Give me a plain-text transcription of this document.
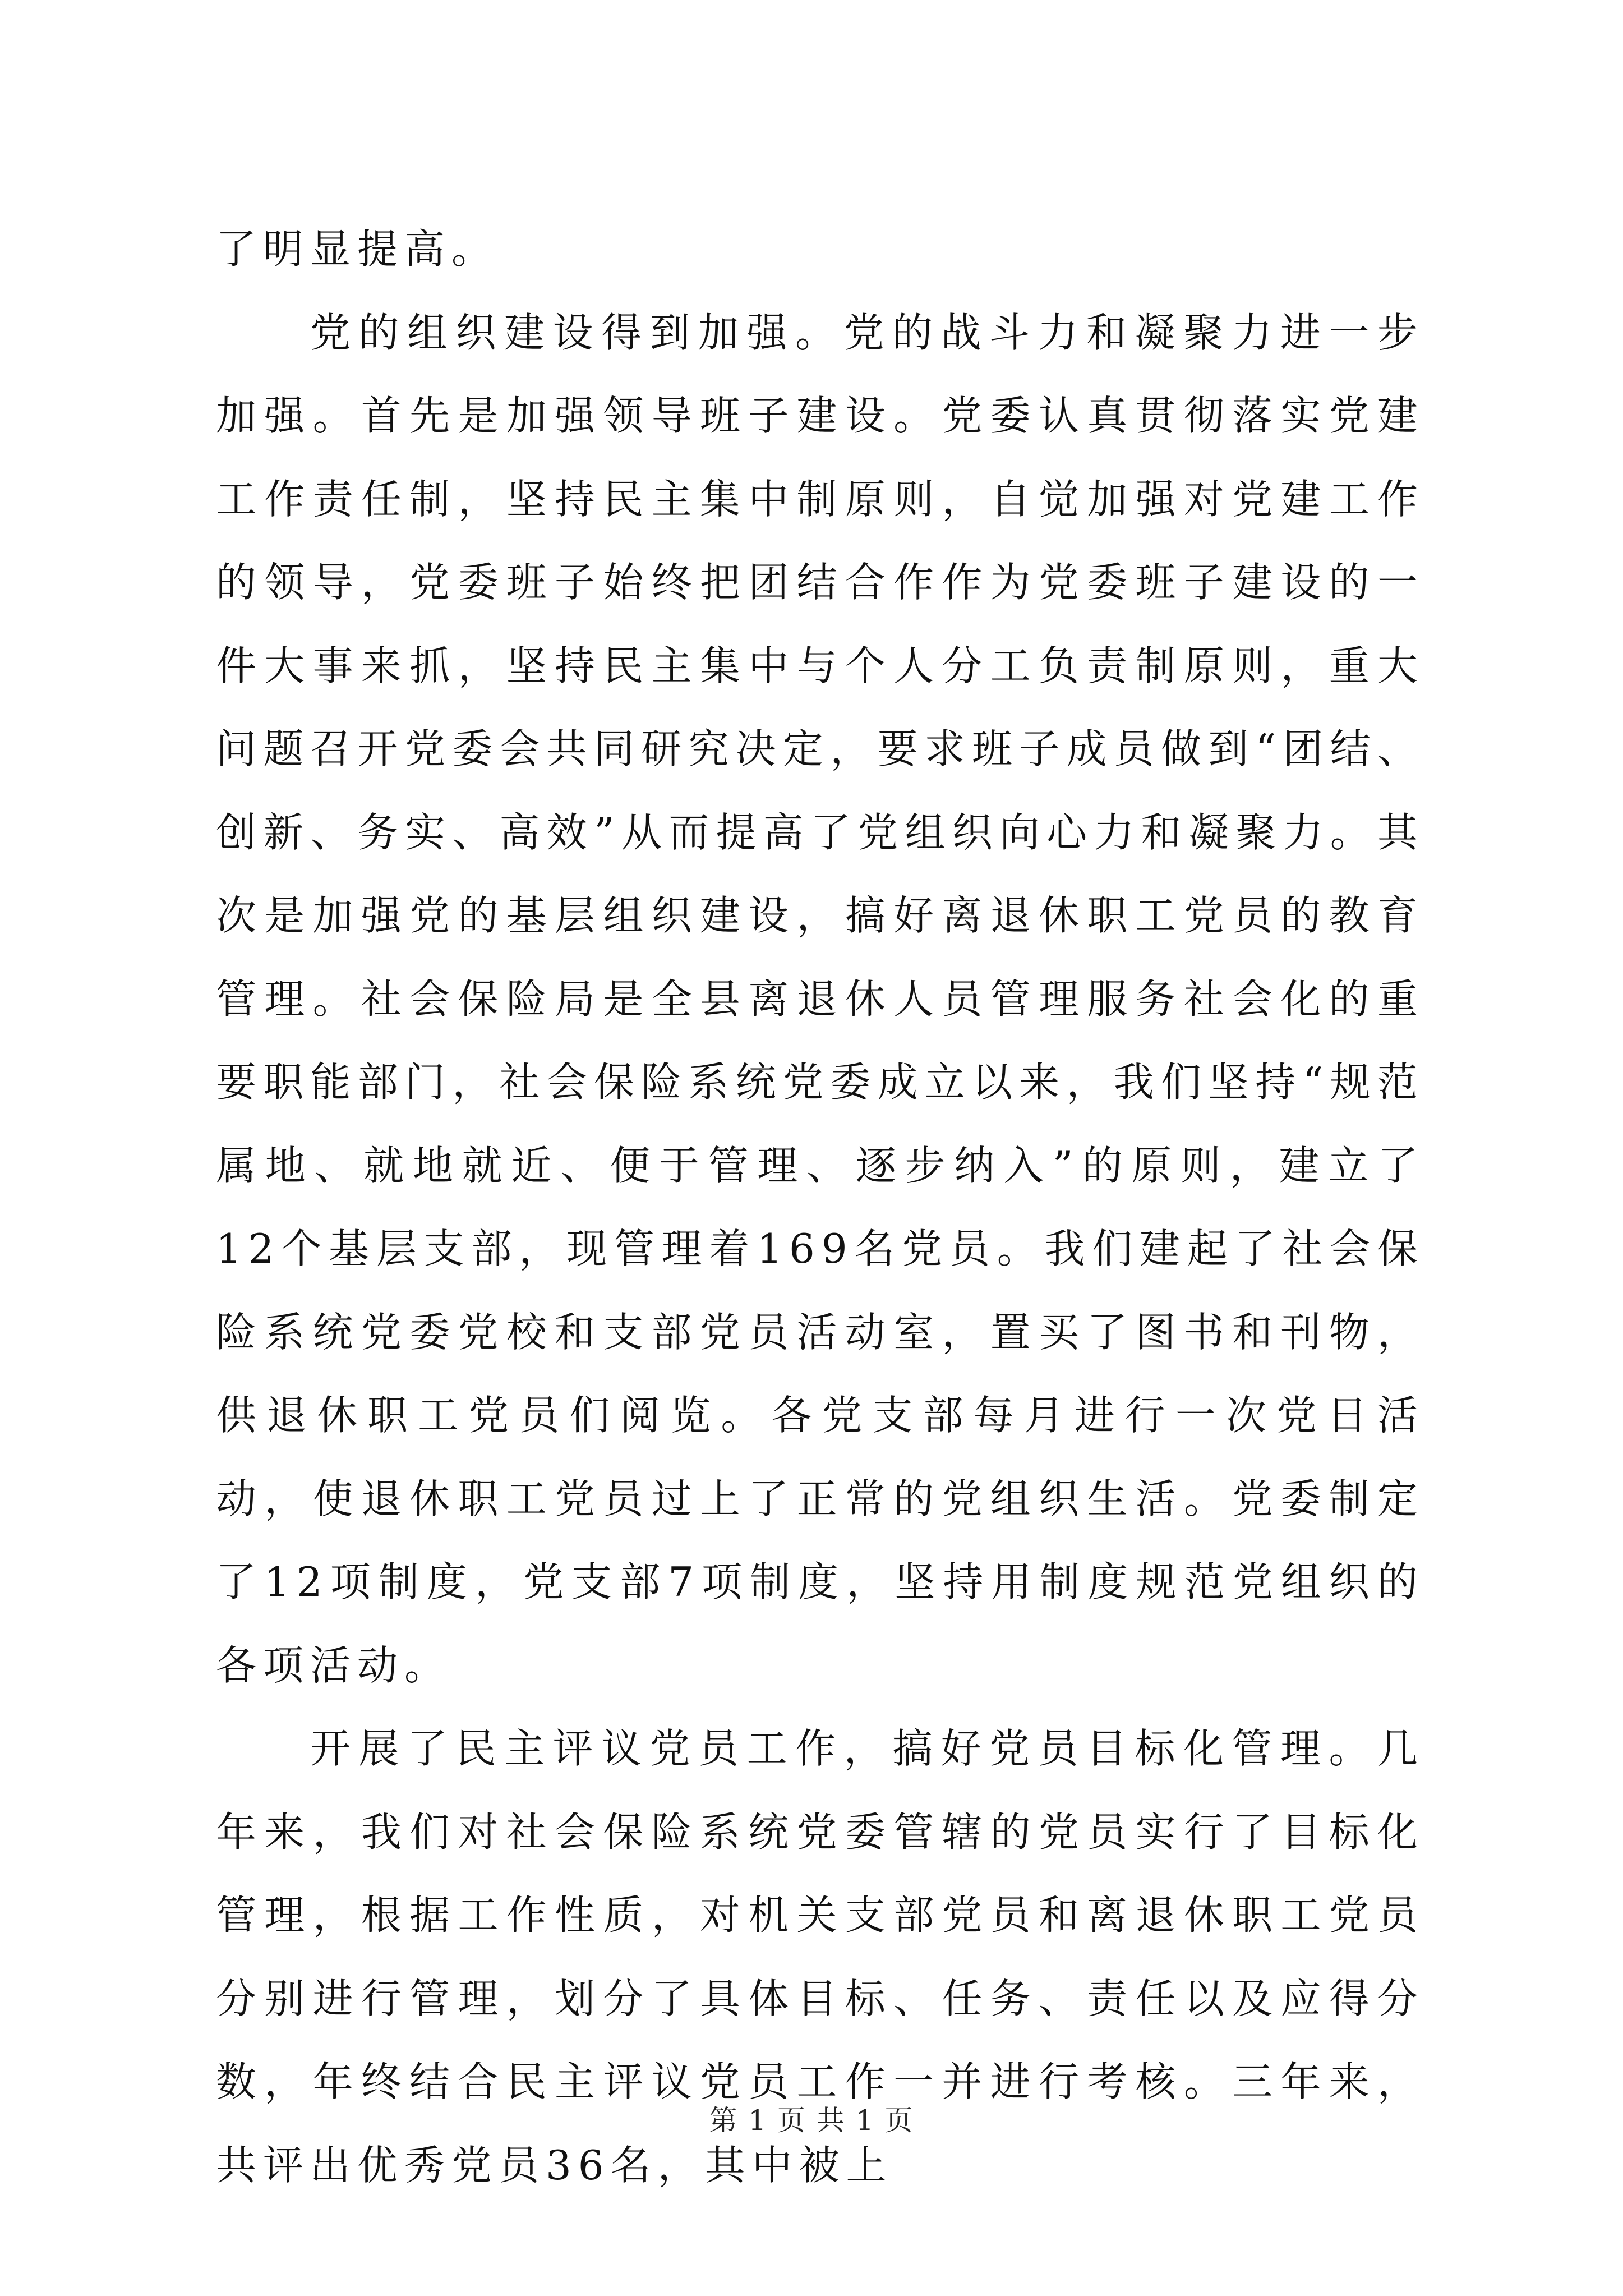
了明显提高。

党的组织建设得到加强。党的战斗力和凝聚力进一步加强。首先是加强领导班子建设。党委认真贯彻落实党建工作责任制，坚持民主集中制原则，自觉加强对党建工作的领导，党委班子始终把团结合作作为党委班子建设的一件大事来抓，坚持民主集中与个人分工负责制原则，重大问题召开党委会共同研究决定，要求班子成员做到“团结、创新、务实、高效”从而提高了党组织向心力和凝聚力。其次是加强党的基层组织建设，搞好离退休职工党员的教育管理。社会保险局是全县离退休人员管理服务社会化的重要职能部门，社会保险系统党委成立以来，我们坚持“规范属地、就地就近、便于管理、逐步纳入”的原则，建立了12个基层支部，现管理着169名党员。我们建起了社会保险系统党委党校和支部党员活动室，置买了图书和刊物，供退休职工党员们阅览。各党支部每月进行一次党日活动，使退休职工党员过上了正常的党组织生活。党委制定了12项制度，党支部7项制度，坚持用制度规范党组织的各项活动。

开展了民主评议党员工作，搞好党员目标化管理。几年来，我们对社会保险系统党委管辖的党员实行了目标化管理，根据工作性质，对机关支部党员和离退休职工党员分别进行管理，划分了具体目标、任务、责任以及应得分数，年终结合民主评议党员工作一并进行考核。三年来，共评出优秀党员36名，其中被上

第 1 页 共 1 页
